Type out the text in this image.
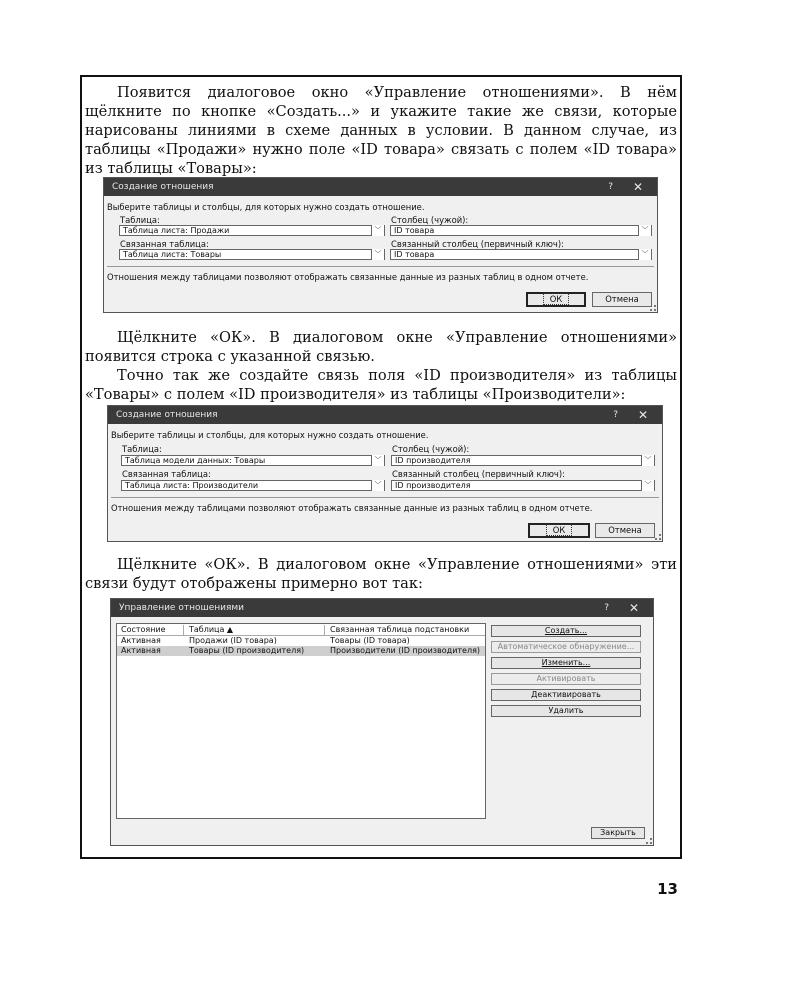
Появится диалоговое окно «Управление отношениями». В нём щёлкните по кнопке «Создать...» и укажите такие же связи, которые нарисованы линиями в схеме данных в условии. В данном случае, из таблицы «Продажи» нужно поле «ID товара» связать с полем «ID товара» из таблицы «Товары»:

Создание отношения	? ✕
Выберите таблицы и столбцы, для которых нужно создать отношение.
Таблица:
Таблица листа: Продажи	﹀
Столбец (чужой):
ID товара	﹀
Связанная таблица:
Таблица листа: Товары	﹀
Связанный столбец (первичный ключ):
ID товара	﹀
Отношения между таблицами позволяют отображать связанные данные из разных таблиц в одном отчете.
ОК	Отмена

Щёлкните «ОК». В диалоговом окне «Управление отношениями» появится строка с указанной связью.

Точно так же создайте связь поля «ID производителя» из таблицы «Товары» с полем «ID производителя» из таблицы «Производители»:

Создание отношения	? ✕
Выберите таблицы и столбцы, для которых нужно создать отношение.
Таблица:
Таблица модели данных: Товары	﹀
Столбец (чужой):
ID производителя	﹀
Связанная таблица:
Таблица листа: Производители	﹀
Связанный столбец (первичный ключ):
ID производителя	﹀
Отношения между таблицами позволяют отображать связанные данные из разных таблиц в одном отчете.
ОК	Отмена

Щёлкните «ОК». В диалоговом окне «Управление отношениями» эти связи будут отображены примерно вот так:

Управление отношениями	? ✕
Состояние	Таблица ▲	Связанная таблица подстановки
Активная	Продажи (ID товара)	Товары (ID товара)
Активная	Товары (ID производителя)	Производители (ID производителя)
Создать...
Автоматическое обнаружение...
Изменить...
Активировать
Деактивировать
Удалить
Закрыть
13
